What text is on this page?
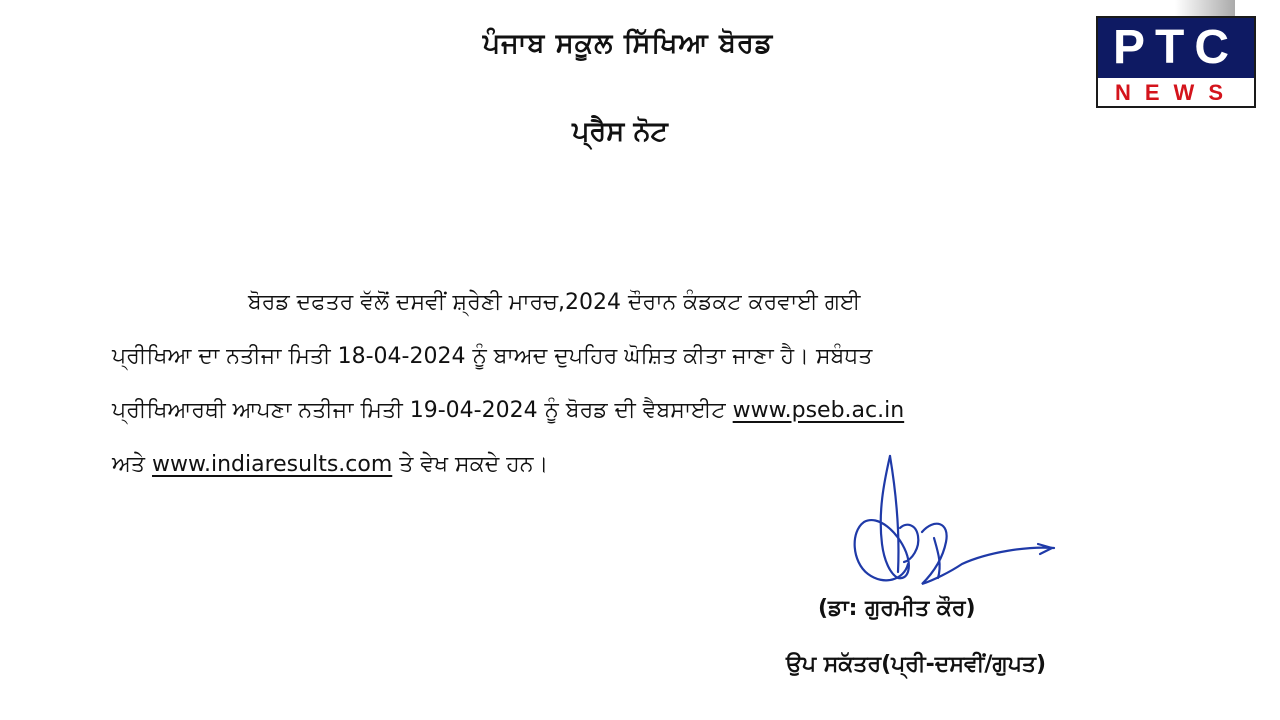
ਪੰਜਾਬ ਸਕੂਲ ਸਿੱਖਿਆ ਬੋਰਡ
ਪ੍ਰੈਸ ਨੋਟ
PTC
NEWS
ਬੋਰਡ ਦਫਤਰ ਵੱਲੋਂ ਦਸਵੀਂ ਸ਼੍ਰੇਣੀ ਮਾਰਚ,2024 ਦੌਰਾਨ ਕੰਡਕਟ ਕਰਵਾਈ ਗਈ
ਪ੍ਰੀਖਿਆ ਦਾ ਨਤੀਜਾ ਮਿਤੀ 18-04-2024 ਨੂੰ ਬਾਅਦ ਦੁਪਹਿਰ ਘੋਸ਼ਿਤ ਕੀਤਾ ਜਾਣਾ ਹੈ। ਸਬੰਧਤ
ਪ੍ਰੀਖਿਆਰਥੀ ਆਪਣਾ ਨਤੀਜਾ ਮਿਤੀ 19-04-2024 ਨੂੰ ਬੋਰਡ ਦੀ ਵੈਬਸਾਈਟ www.pseb.ac.in
ਅਤੇ www.indiaresults.com ਤੇ ਵੇਖ ਸਕਦੇ ਹਨ।
(ਡਾ: ਗੁਰਮੀਤ ਕੌਰ)
ਉਪ ਸਕੱਤਰ(ਪ੍ਰੀ-ਦਸਵੀਂ/ਗੁਪਤ)
